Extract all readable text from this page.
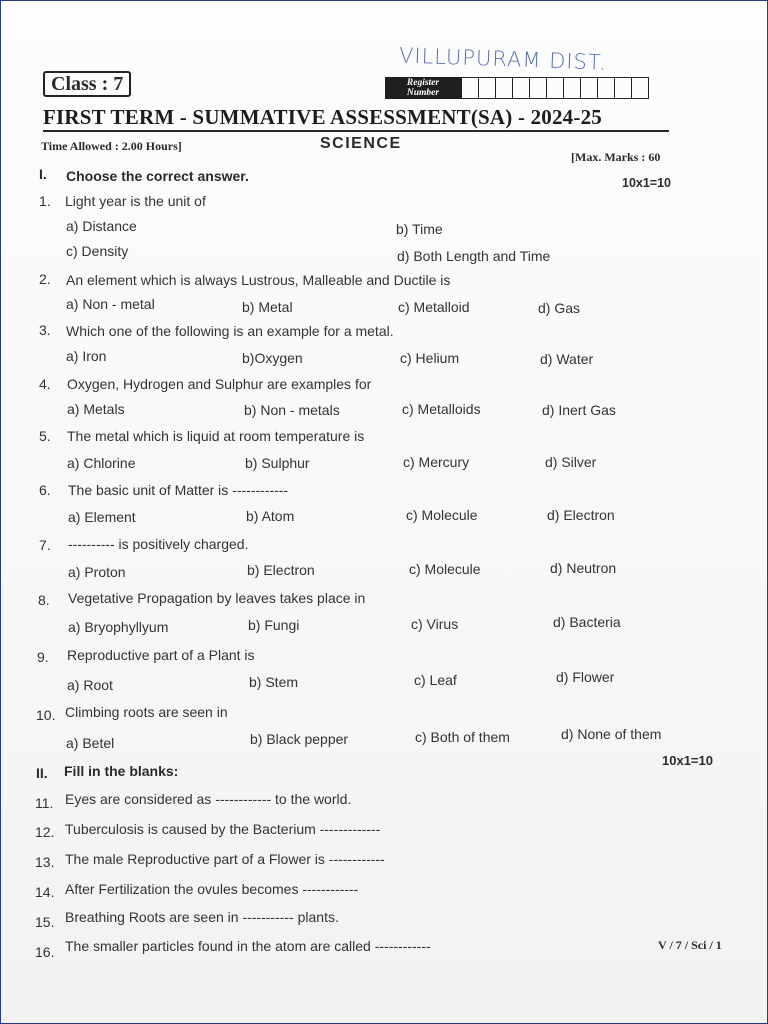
VILLUPURAM DIST.
Class : 7	Register Number
FIRST TERM - SUMMATIVE ASSESSMENT(SA) - 2024-25
Time Allowed : 2.00 Hours]	SCIENCE
[Max. Marks : 60
I. Choose the correct answer.	10x1=10
1. Light year is the unit of
a) Distance	b) Time
c) Density	d) Both Length and Time
2. An element which is always Lustrous, Malleable and Ductile is
a) Non - metal	b) Metal	c) Metalloid	d) Gas
3. Which one of the following is an example for a metal.
a) Iron	b)Oxygen	c) Helium	d) Water
4. Oxygen, Hydrogen and Sulphur are examples for
a) Metals	b) Non - metals	c) Metalloids	d) Inert Gas
5. The metal which is liquid at room temperature is
a) Chlorine	b) Sulphur	c) Mercury	d) Silver
6. The basic unit of Matter is ------------
a) Element	b) Atom	c) Molecule	d) Electron
7. ---------- is positively charged.
a) Proton	b) Electron	c) Molecule	d) Neutron
8. Vegetative Propagation by leaves takes place in
a) Bryophyllyum	b) Fungi	c) Virus	d) Bacteria
9. Reproductive part of a Plant is
a) Root	b) Stem	c) Leaf	d) Flower
10. Climbing roots are seen in
a) Betel	b) Black pepper	c) Both of them	d) None of them
II. Fill in the blanks:
10x1=10
11. Eyes are considered as ------------ to the world.
12. Tuberculosis is caused by the Bacterium -------------
13. The male Reproductive part of a Flower is ------------
14. After Fertilization the ovules becomes ------------
15. Breathing Roots are seen in ----------- plants.
16. The smaller particles found in the atom are called ------------	V / 7 / Sci / 1
